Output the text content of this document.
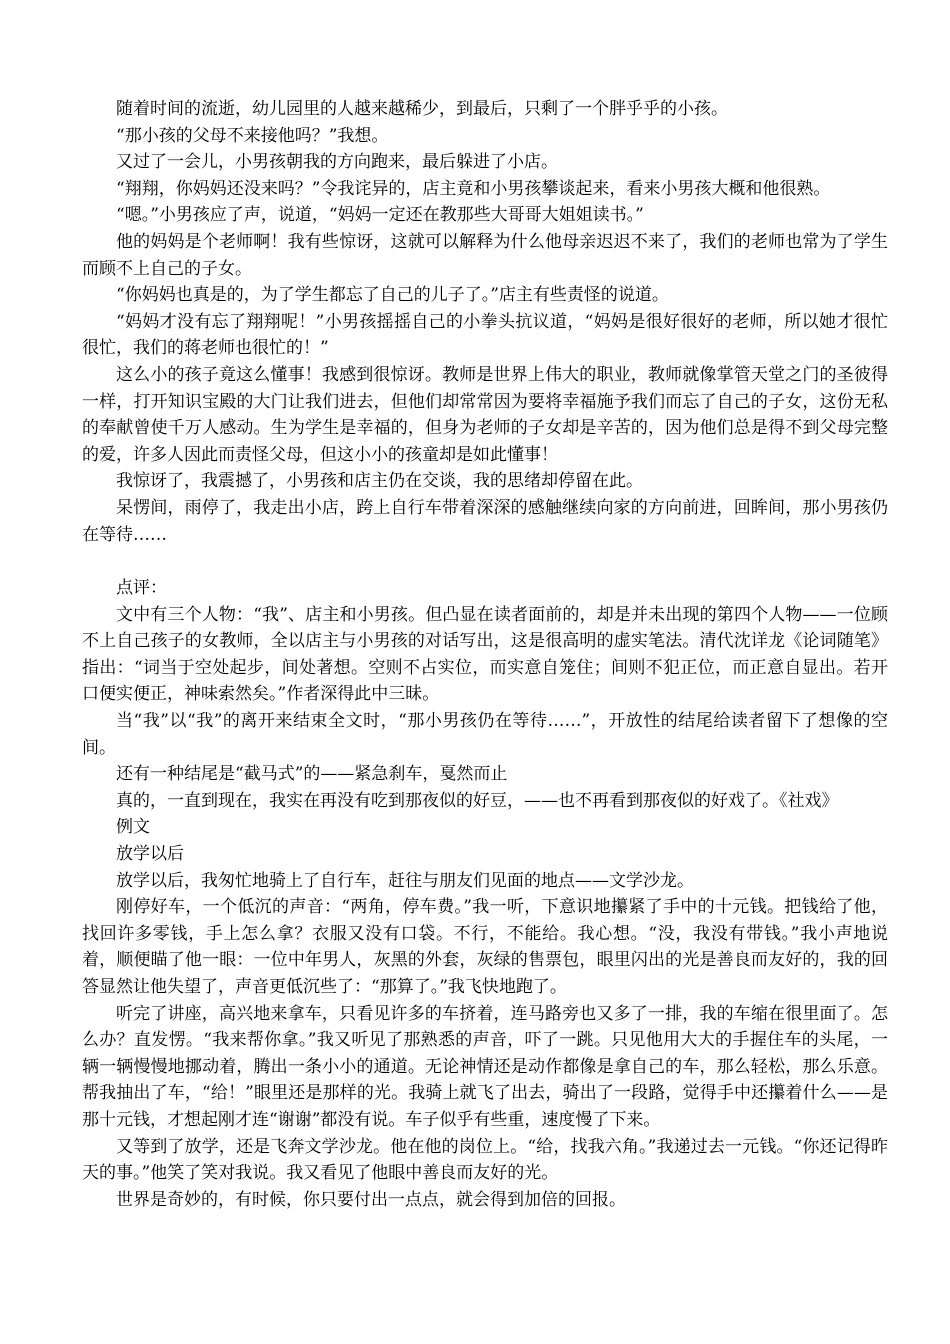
随着时间的流逝，幼儿园里的人越来越稀少，到最后，只剩了一个胖乎乎的小孩。

“那小孩的父母不来接他吗？”我想。

又过了一会儿，小男孩朝我的方向跑来，最后躲进了小店。

“翔翔，你妈妈还没来吗？”令我诧异的，店主竟和小男孩攀谈起来，看来小男孩大概和他很熟。

“嗯。”小男孩应了声，说道，“妈妈一定还在教那些大哥哥大姐姐读书。”

他的妈妈是个老师啊！我有些惊讶，这就可以解释为什么他母亲迟迟不来了，我们的老师也常为了学生而顾不上自己的子女。

“你妈妈也真是的，为了学生都忘了自己的儿子了。”店主有些责怪的说道。

“妈妈才没有忘了翔翔呢！”小男孩摇摇自己的小拳头抗议道，“妈妈是很好很好的老师，所以她才很忙很忙，我们的蒋老师也很忙的！”

这么小的孩子竟这么懂事！我感到很惊讶。教师是世界上伟大的职业，教师就像掌管天堂之门的圣彼得一样，打开知识宝殿的大门让我们进去，但他们却常常因为要将幸福施予我们而忘了自己的子女，这份无私的奉献曾使千万人感动。生为学生是幸福的，但身为老师的子女却是辛苦的，因为他们总是得不到父母完整的爱，许多人因此而责怪父母，但这小小的孩童却是如此懂事！

我惊讶了，我震撼了，小男孩和店主仍在交谈，我的思绪却停留在此。

呆愣间，雨停了，我走出小店，跨上自行车带着深深的感触继续向家的方向前进，回眸间，那小男孩仍在等待……

点评：

文中有三个人物：“我”、店主和小男孩。但凸显在读者面前的，却是并未出现的第四个人物——一位顾不上自己孩子的女教师，全以店主与小男孩的对话写出，这是很高明的虚实笔法。清代沈详龙《论词随笔》指出：“词当于空处起步，间处著想。空则不占实位，而实意自笼住；间则不犯正位，而正意自显出。若开口便实便正，神味索然矣。”作者深得此中三昧。

当“我”以“我”的离开来结束全文时，“那小男孩仍在等待……”，开放性的结尾给读者留下了想像的空间。

还有一种结尾是“截马式”的——紧急刹车，戛然而止

真的，一直到现在，我实在再没有吃到那夜似的好豆，——也不再看到那夜似的好戏了。《社戏》

例文

放学以后

放学以后，我匆忙地骑上了自行车，赶往与朋友们见面的地点——文学沙龙。

刚停好车，一个低沉的声音：“两角，停车费。”我一听，下意识地攥紧了手中的十元钱。把钱给了他，找回许多零钱，手上怎么拿？衣服又没有口袋。不行，不能给。我心想。“没，我没有带钱。”我小声地说着，顺便瞄了他一眼：一位中年男人，灰黑的外套，灰绿的售票包，眼里闪出的光是善良而友好的，我的回答显然让他失望了，声音更低沉些了：“那算了。”我飞快地跑了。

听完了讲座，高兴地来拿车，只看见许多的车挤着，连马路旁也又多了一排，我的车缩在很里面了。怎么办？直发愣。“我来帮你拿。”我又听见了那熟悉的声音，吓了一跳。只见他用大大的手握住车的头尾，一辆一辆慢慢地挪动着，腾出一条小小的通道。无论神情还是动作都像是拿自己的车，那么轻松，那么乐意。帮我抽出了车，“给！”眼里还是那样的光。我骑上就飞了出去，骑出了一段路，觉得手中还攥着什么——是那十元钱，才想起刚才连“谢谢”都没有说。车子似乎有些重，速度慢了下来。

又等到了放学，还是飞奔文学沙龙。他在他的岗位上。“给，找我六角。”我递过去一元钱。“你还记得昨天的事。”他笑了笑对我说。我又看见了他眼中善良而友好的光。

世界是奇妙的，有时候，你只要付出一点点，就会得到加倍的回报。
